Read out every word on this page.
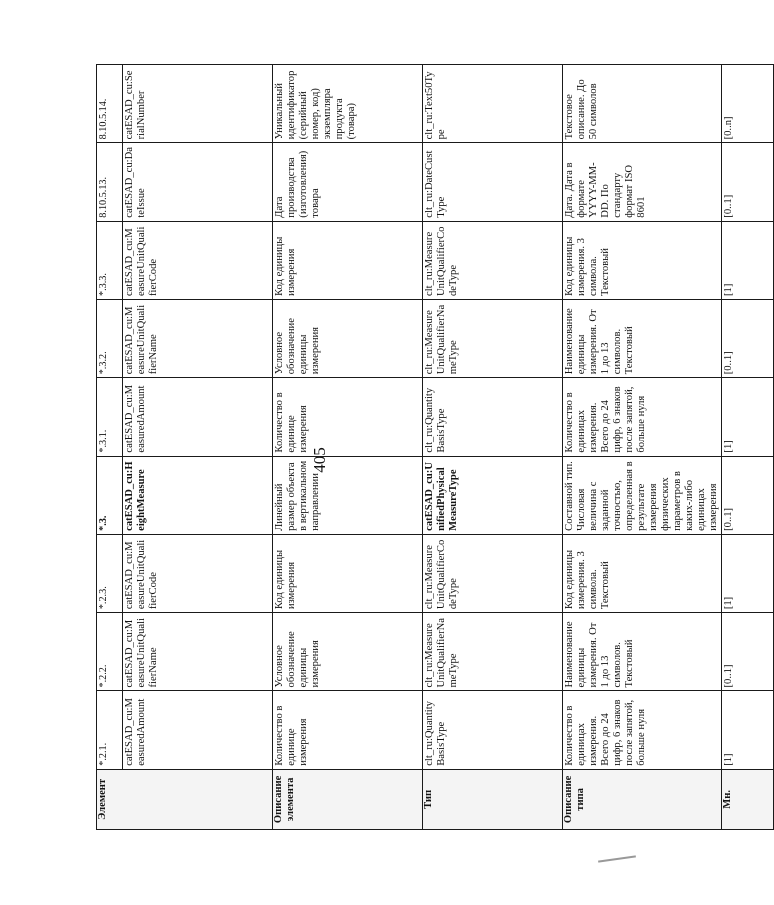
405
Элемент	*.2.1.	*.2.2.	*.2.3.	*.3.	*.3.1.	*.3.2.	*.3.3.	8.10.5.13.	8.10.5.14.
	catESAD_cu:MeasuredAmount	catESAD_cu:MeasureUnitQualifierName	catESAD_cu:MeasureUnitQualifierCode	catESAD_cu:HeightMeasure	catESAD_cu:MeasuredAmount	catESAD_cu:MeasureUnitQualifierName	catESAD_cu:MeasureUnitQualifierCode	catESAD_cu:DateIssue	catESAD_cu:SerialNumber
Описание элемента	Количество в единице измерения	Условное обозначение единицы измерения	Код единицы измерения	Линейный размер объекта в вертикальном направлении	Количество в единице измерения	Условное обозначение единицы измерения	Код единицы измерения	Дата производства (изготовления) товара	Уникальный идентификатор (серийный номер, код) экземпляра продукта (товара)
Тип	clt_ru:QuantityBasisType	clt_ru:MeasureUnitQualifierNameType	clt_ru:MeasureUnitQualifierCodeType	catESAD_cu:UnifiedPhysicalMeasureType	clt_ru:QuantityBasisType	clt_ru:MeasureUnitQualifierNameType	clt_ru:MeasureUnitQualifierCodeType	clt_ru:DateCustType	clt_ru:Text50Type
Описание типа	Количество в единицах измерения. Всего до 24 цифр, 6 знаков после запятой, больше нуля	Наименование единицы измерения. От 1 до 13 символов. Текстовый	Код единицы измерения. 3 символа. Текстовый	Составной тип. Числовая величина с заданной точностью, определенная в результате измерения физических параметров в каких-либо единицах измерения	Количество в единицах измерения. Всего до 24 цифр, 6 знаков после запятой, больше нуля	Наименование единицы измерения. От 1 до 13 символов. Текстовый	Код единицы измерения. 3 символа. Текстовый	Дата. Дата в формате YYYY-MM-DD. По стандарту формат ISO 8601	Текстовое описание. До 50 символов
Мн.	[1]	[0..1]	[1]	[0..1]	[1]	[0..1]	[1]	[0..1]	[0..n]
